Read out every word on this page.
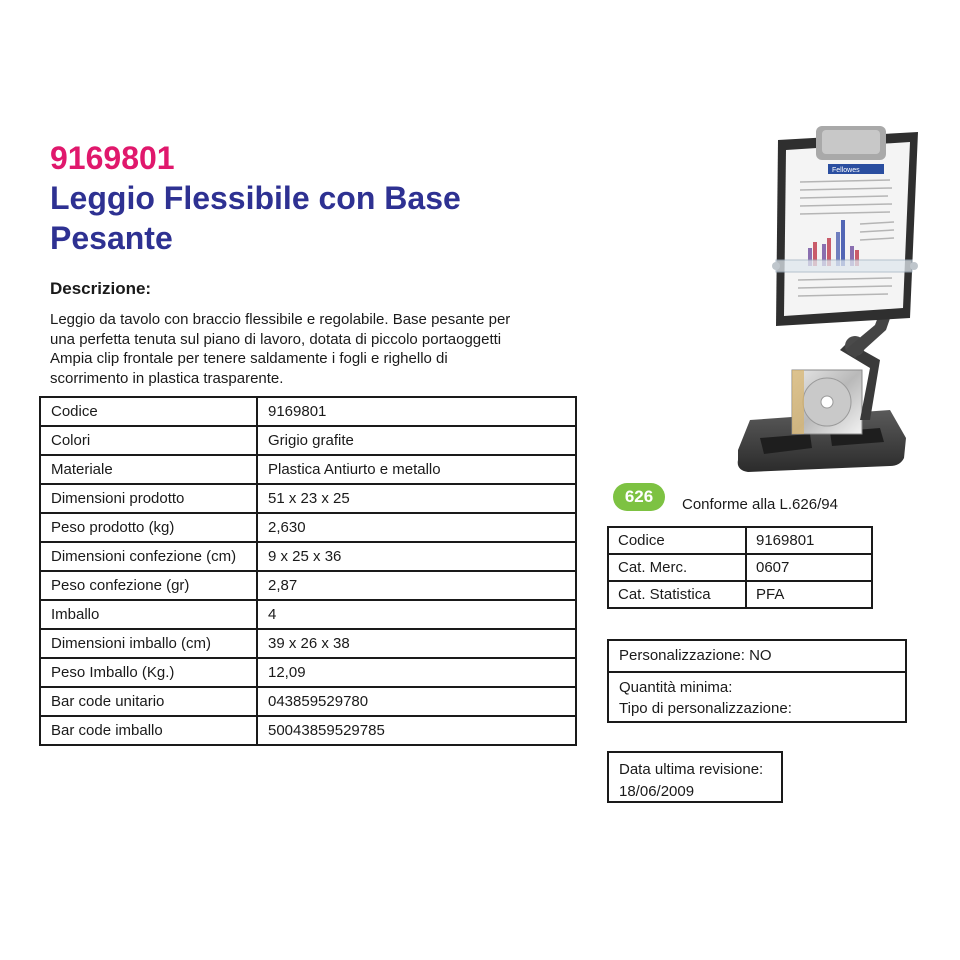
9169801
Leggio Flessibile con Base Pesante
Descrizione:
Leggio da tavolo con braccio flessibile e regolabile. Base pesante per una perfetta tenuta sul piano di lavoro, dotata di piccolo portaoggetti Ampia clip frontale per tenere saldamente i fogli e righello di scorrimento in plastica trasparente.
Codice	9169801
Colori	Grigio grafite
Materiale	Plastica Antiurto e metallo
Dimensioni prodotto	51 x 23 x 25
Peso prodotto (kg)	2,630
Dimensioni confezione (cm)	9 x 25 x 36
Peso confezione (gr)	2,87
Imballo	4
Dimensioni imballo (cm)	39 x 26 x 38
Peso Imballo (Kg.)	12,09
Bar code unitario	043859529780
Bar code imballo	50043859529785
Fellowes
626	Conforme alla L.626/94
Codice	9169801
Cat. Merc.	0607
Cat. Statistica	PFA
Personalizzazione: NO
Quantità minima:
Tipo di personalizzazione:
Data ultima revisione:
18/06/2009
